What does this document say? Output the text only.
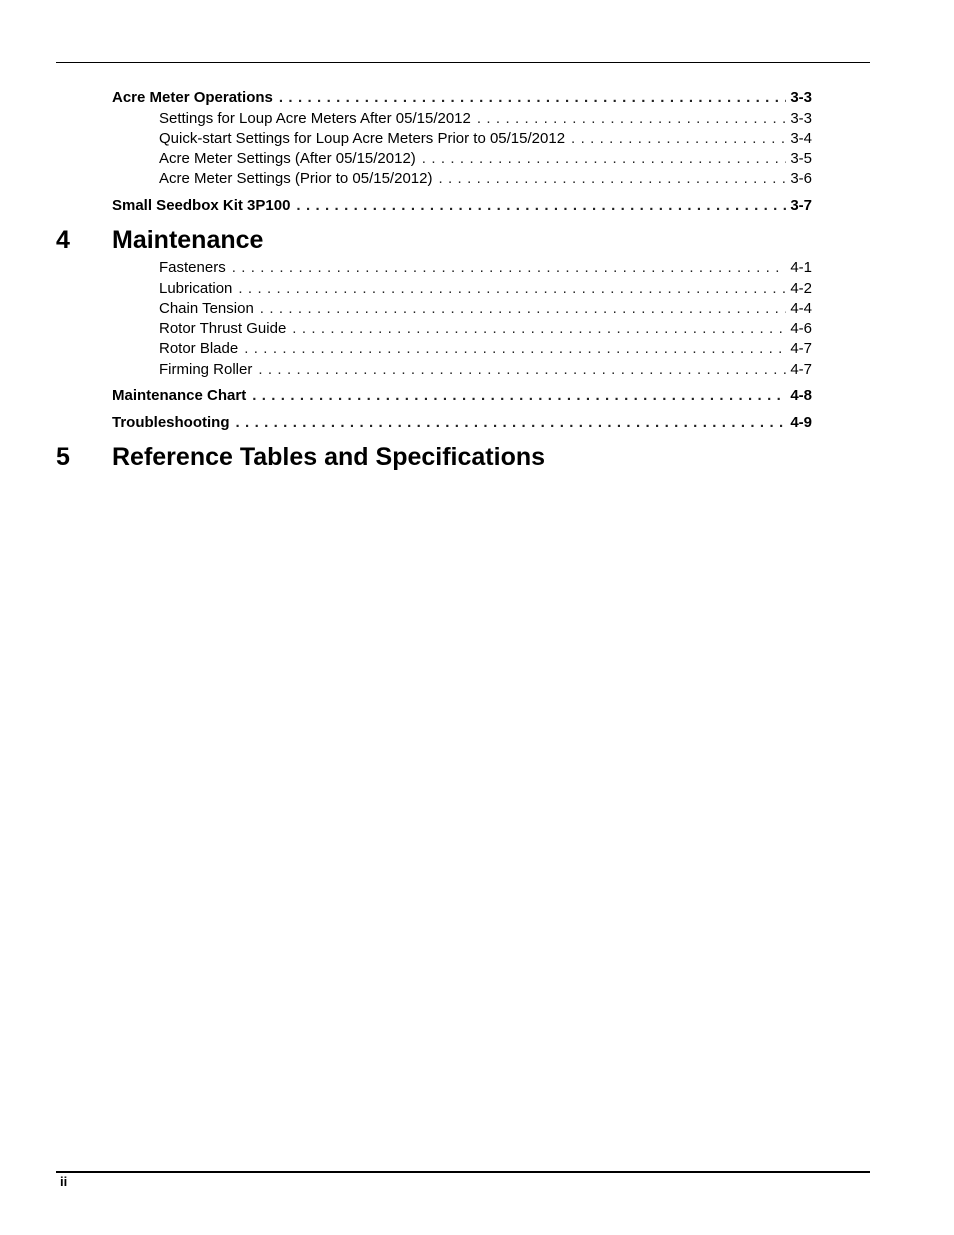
Acre Meter Operations . . .	3-3
Settings for Loup Acre Meters After 05/15/2012 . . .	3-3
Quick-start Settings for Loup Acre Meters Prior to 05/15/2012 . . .	3-4
Acre Meter Settings (After 05/15/2012) . . .	3-5
Acre Meter Settings (Prior to 05/15/2012) . . .	3-6
Small Seedbox Kit 3P100 . . .	3-7
4 Maintenance
Fasteners . . .	4-1
Lubrication . . .	4-2
Chain Tension . . .	4-4
Rotor Thrust Guide . . .	4-6
Rotor Blade . . .	4-7
Firming Roller . . .	4-7
Maintenance Chart . . .	4-8
Troubleshooting . . .	4-9
5 Reference Tables and Specifications
ii
